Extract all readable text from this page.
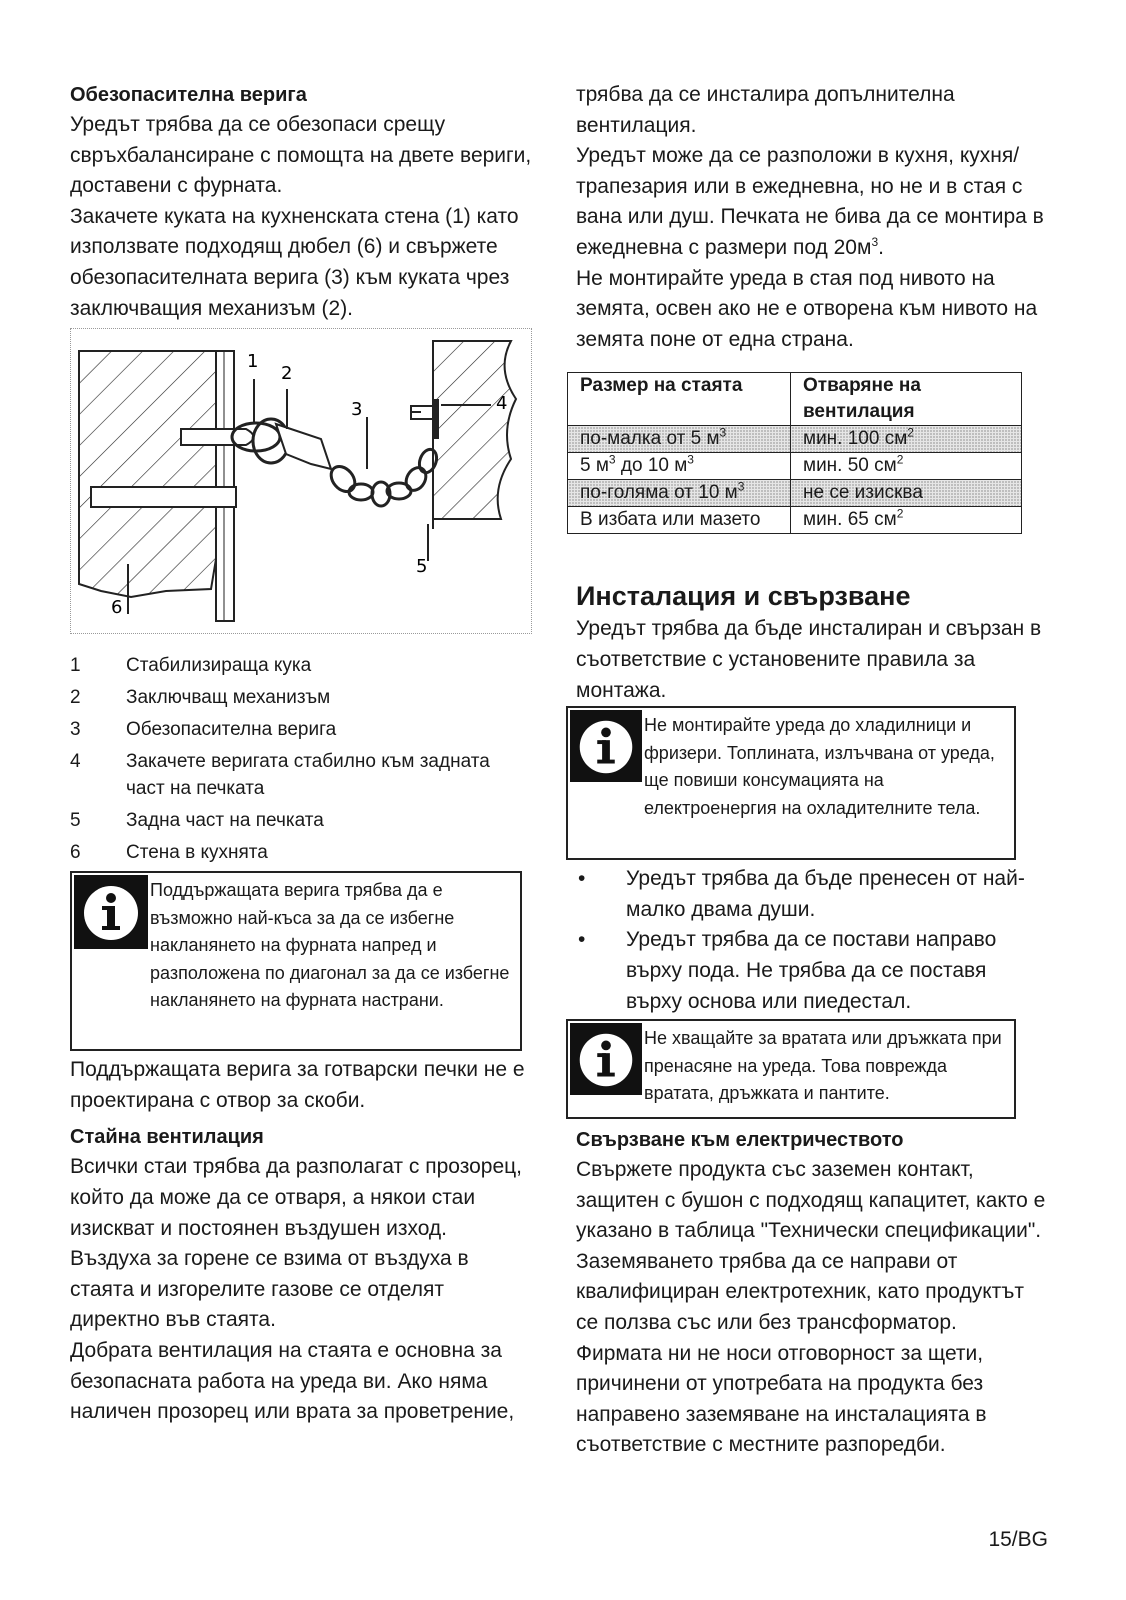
Обезопасителна верига

Уредът трябва да се обезопаси срещу свръхбалансиране с помощта на двете вериги, доставени с фурната.

Закачете куката на кухненската стена (1) като използвате подходящ дюбел (6) и свържете обезопасителната верига (3) към куката чрез заключващия механизъм (2).

1
2
3	4
5
6
1	Стабилизираща кука
2	Заключващ механизъм
3	Обезопасителна верига
4	Закачете веригата стабилно към задната част на печката
5	Задна част на печката
6	Стена в кухнята
Поддържащата верига трябва да е възможно най-къса за да се избегне накланянето на фурната напред и разположена по диагонал за да се избегне накланянето на фурната настрани.

Поддържащата верига за готварски печки не е проектирана с отвор за скоби.

Стайна вентилация

Всички стаи трябва да разполагат с прозорец, който да може да се отваря, а някои стаи изискват и постоянен въздушен изход.

Въздуха за горене се взима от въздуха в стаята и изгорелите газове се отделят директно във стаята.

Добрата вентилация на стаята е основна за безопасната работа на уреда ви. Ако няма наличен прозорец или врата за проветрение,

трябва да се инсталира допълнителна вентилация.

Уредът може да се разположи в кухня, кухня/трапезария или в ежедневна, но не и в стая с вана или душ. Печката не бива да се монтира в ежедневна с размери под $20м^3$.

Не монтирайте уреда в стая под нивото на земята, освен ако не е отворена към нивото на земята поне от една страна.

Размер на стаята	Отваряне на вентилация
по-малка от 5 $м^3$	мин. 100 $см^2$
5 $м^3$ до 10 $м^3$	мин. 50 $см^2$
по-голяма от 10 $м^3$	не се изисква
В избата или мазето	мин. 65 $см^2$
Инсталация и свързване

Уредът трябва да бъде инсталиран и свързан в съответствие с установените правила за монтажа.

Не монтирайте уреда до хладилници и фризери. Топлината, излъчвана от уреда, ще повиши консумацията на електроенергия на охладителните тела.
•	Уредът трябва да бъде пренесен от най-малко двама души.
•	Уредът трябва да се постави направо върху пода. Не трябва да се поставя върху основа или пиедестал.
Не хващайте за вратата или дръжката при пренасяне на уреда. Това поврежда вратата, дръжката и пантите.
Свързване към електричеството

Свържете продукта със заземен контакт, защитен с бушон с подходящ капацитет, както е указано в таблица "Технически спецификации". Заземяването трябва да се направи от квалифициран електротехник, като продуктът се ползва със или без трансформатор. Фирмата ни не носи отговорност за щети, причинени от употребата на продукта без направено заземяване на инсталацията в съответствие с местните разпоредби.

15/BG
